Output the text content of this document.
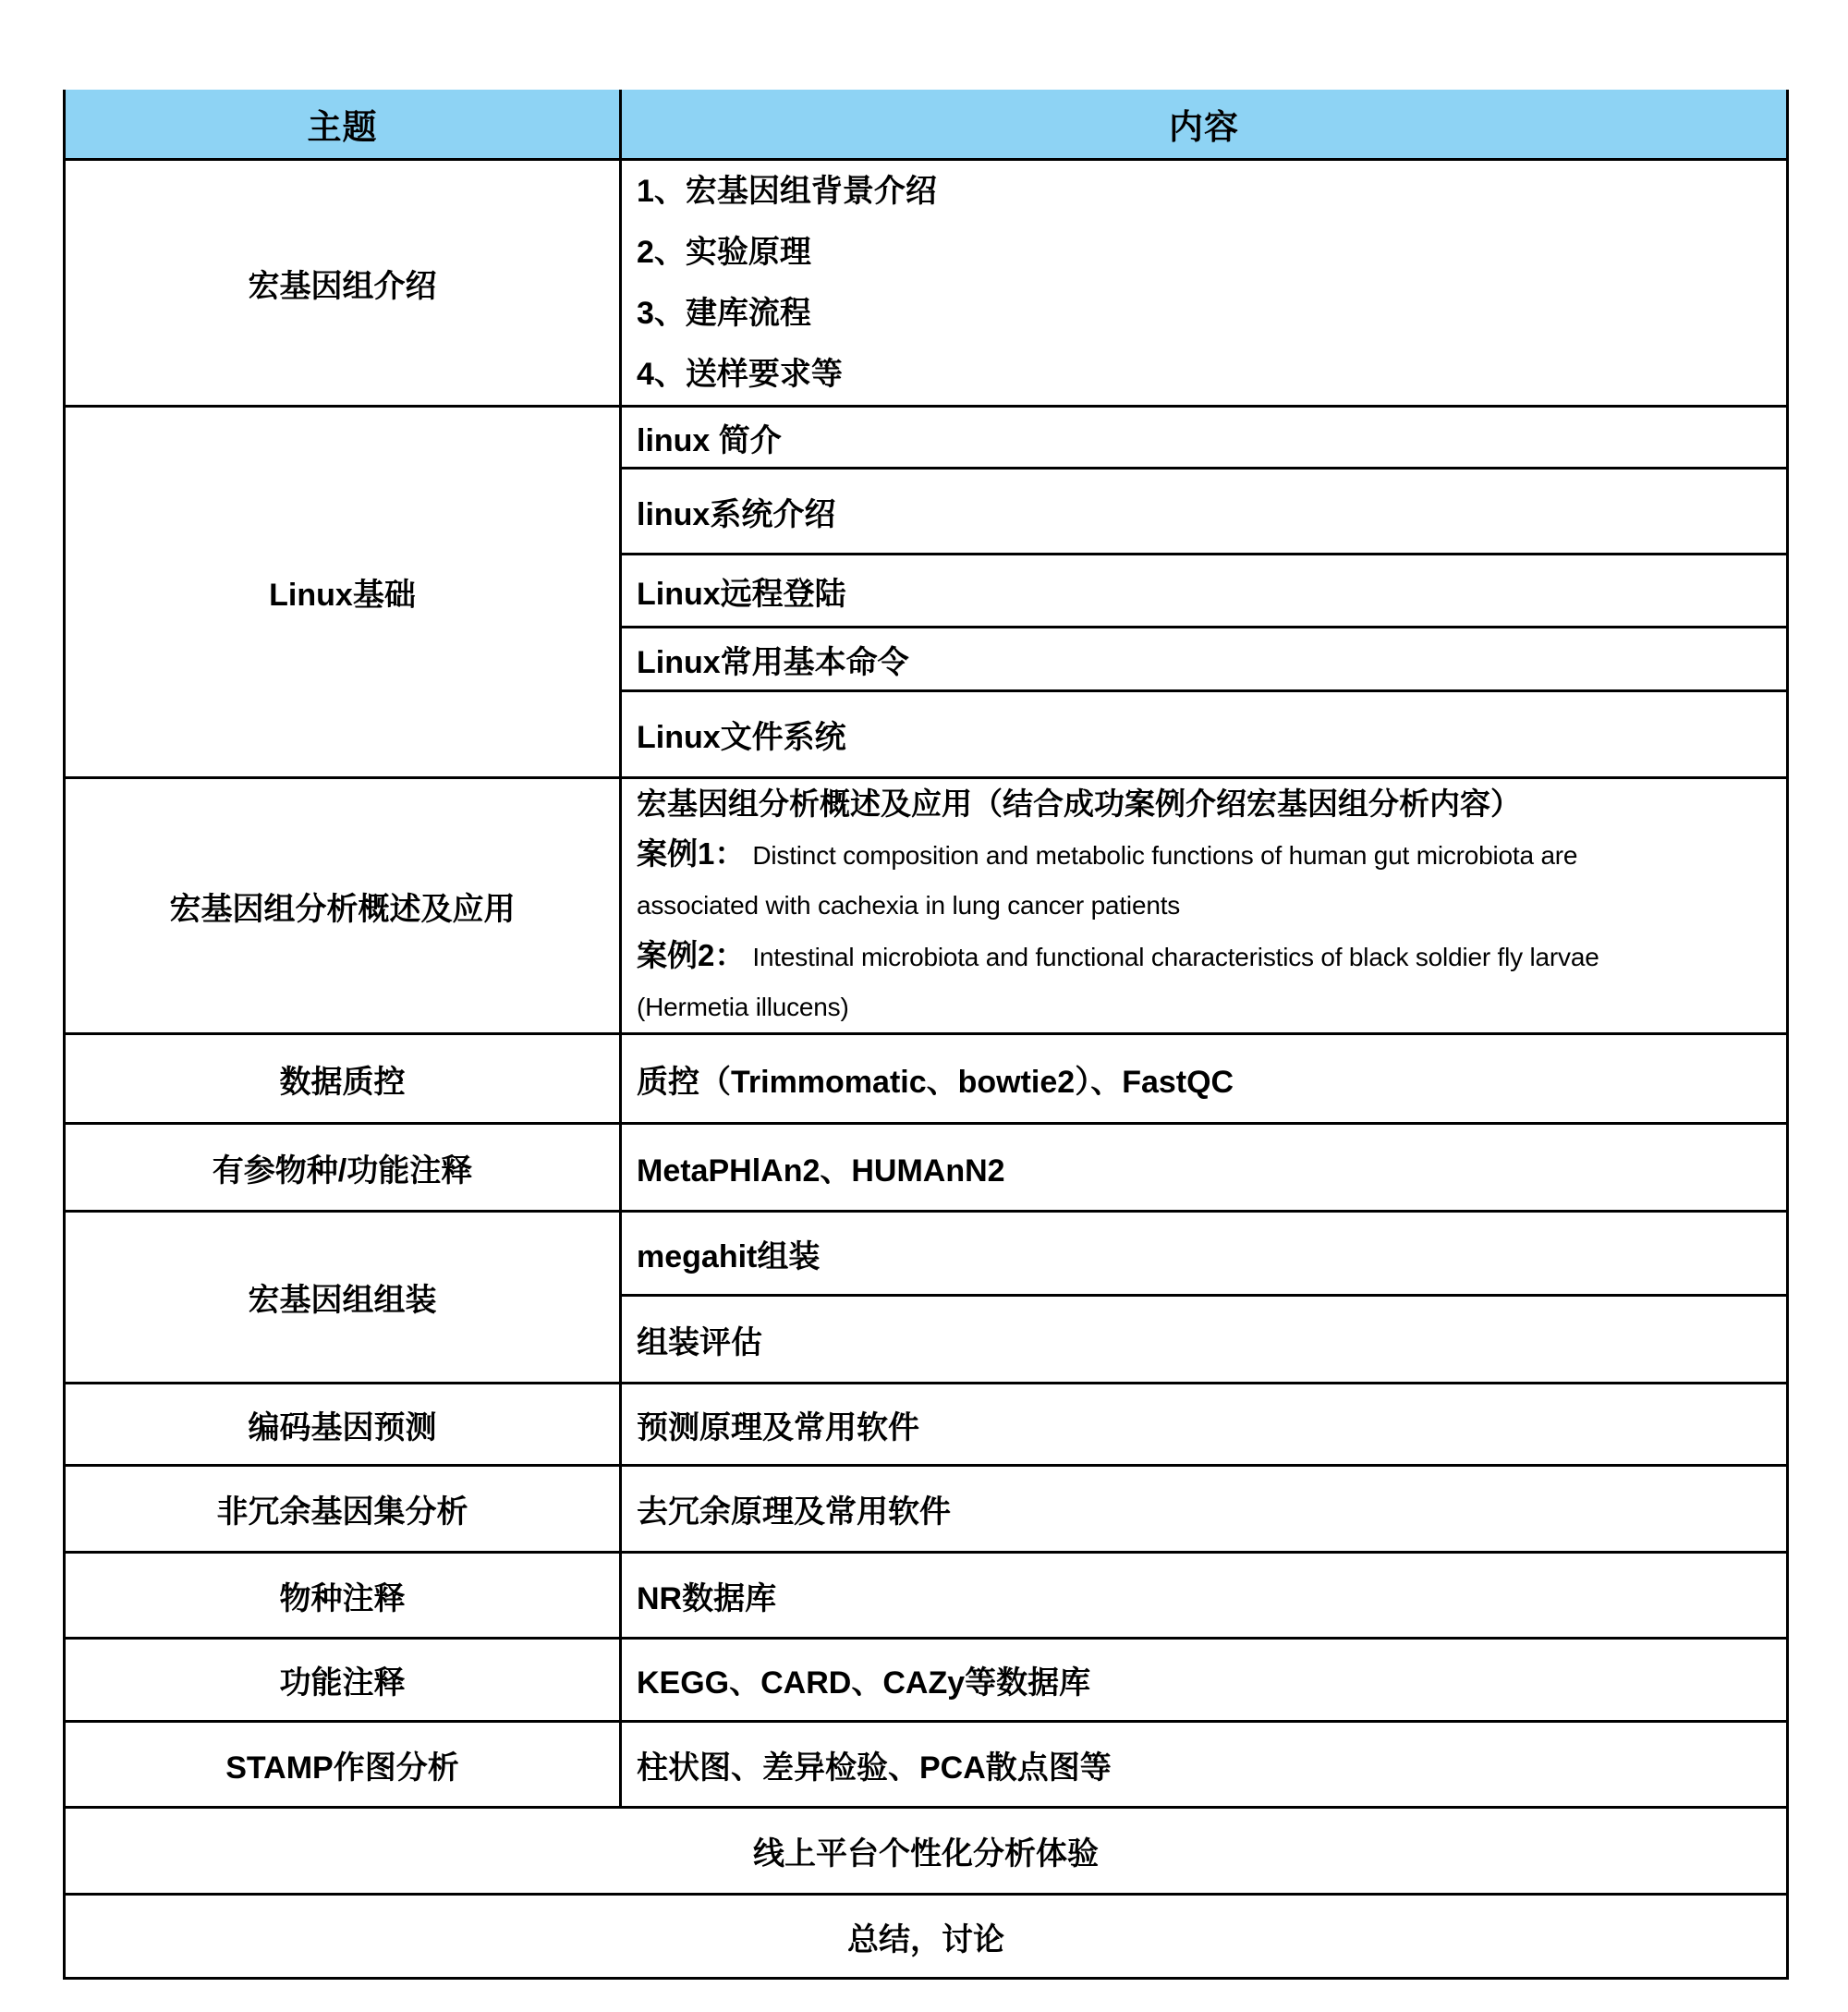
主题	内容
宏基因组介绍	1、宏基因组背景介绍
2、实验原理
3、建库流程
4、送样要求等

Linux基础	linux 简介
	linux系统介绍
	Linux远程登陆
	Linux常用基本命令
	Linux文件系统
宏基因组分析概述及应用	宏基因组分析概述及应用（结合成功案例介绍宏基因组分析内容）
案例1： Distinct composition and metabolic functions of human gut microbiota are
associated with cachexia in lung cancer patients
案例2： Intestinal microbiota and functional characteristics of black soldier fly larvae
(Hermetia illucens)

数据质控	质控（Trimmomatic、bowtie2）、FastQC
有参物种/功能注释	MetaPHlAn2、HUMAnN2
宏基因组组装	megahit组装
	组装评估
编码基因预测	预测原理及常用软件
非冗余基因集分析	去冗余原理及常用软件
物种注释	NR数据库
功能注释	KEGG、CARD、CAZy等数据库
STAMP作图分析	柱状图、差异检验、PCA散点图等
线上平台个性化分析体验	
总结，讨论	
